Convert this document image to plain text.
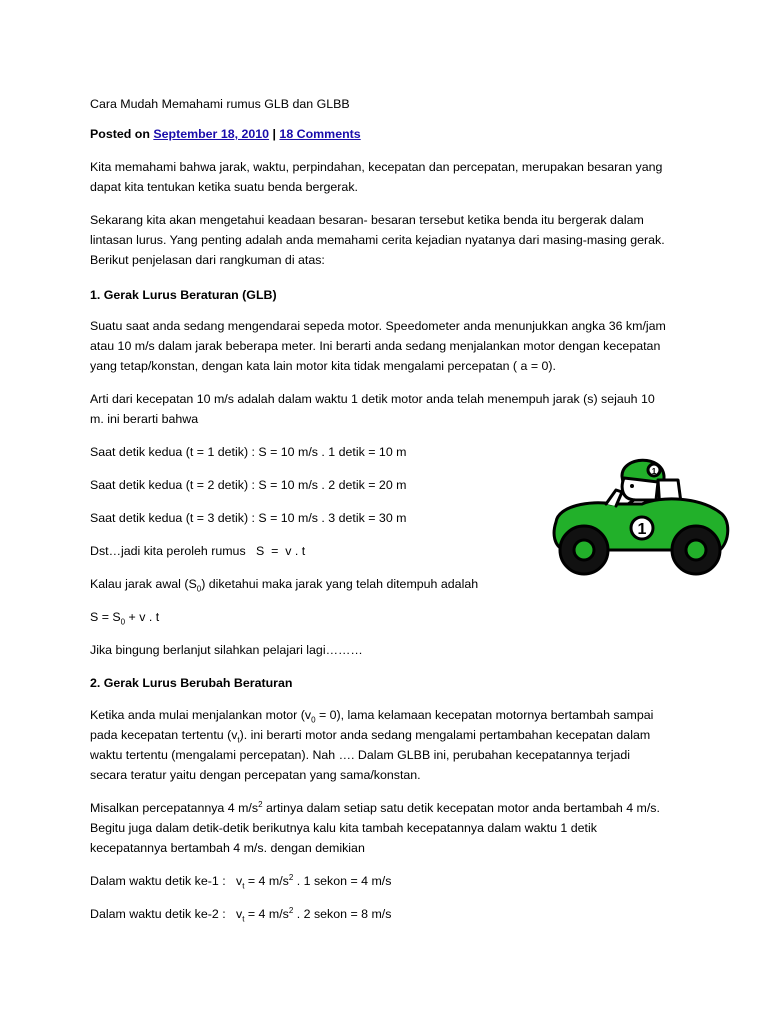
Cara Mudah Memahami rumus GLB dan GLBB
Posted on September 18, 2010 | 18 Comments
Kita memahami bahwa jarak, waktu, perpindahan, kecepatan dan percepatan, merupakan besaran yang
dapat kita tentukan ketika suatu benda bergerak.
Sekarang kita akan mengetahui keadaan besaran- besaran tersebut ketika benda itu bergerak dalam
lintasan lurus. Yang penting adalah anda memahami cerita kejadian nyatanya dari masing-masing gerak.
Berikut penjelasan dari rangkuman di atas:
1. Gerak Lurus Beraturan (GLB)
Suatu saat anda sedang mengendarai sepeda motor. Speedometer anda menunjukkan angka 36 km/jam
atau 10 m/s dalam jarak beberapa meter. Ini berarti anda sedang menjalankan motor dengan kecepatan
yang tetap/konstan, dengan kata lain motor kita tidak mengalami percepatan ( a = 0).
Arti dari kecepatan 10 m/s adalah dalam waktu 1 detik motor anda telah menempuh jarak (s) sejauh 10
m. ini berarti bahwa
Saat detik kedua (t = 1 detik) : S = 10 m/s . 1 detik = 10 m
Saat detik kedua (t = 2 detik) : S = 10 m/s . 2 detik = 20 m
Saat detik kedua (t = 3 detik) : S = 10 m/s . 3 detik = 30 m
Dst…jadi kita peroleh rumus   S  =  v . t
Kalau jarak awal $(S_0)$ diketahui maka jarak yang telah ditempuh adalah
$S = S_0 + v$ . t
Jika bingung berlanjut silahkan pelajari lagi………
2. Gerak Lurus Berubah Beraturan
Ketika anda mulai menjalankan motor $(v_0 = 0)$, lama kelamaan kecepatan motornya bertambah sampai
pada kecepatan tertentu $(v_t)$. ini berarti motor anda sedang mengalami pertambahan kecepatan dalam
waktu tertentu (mengalami percepatan). Nah …. Dalam GLBB ini, perubahan kecepatannya terjadi
secara teratur yaitu dengan percepatan yang sama/konstan.
Misalkan percepatannya 4 $m/s^2$ artinya dalam setiap satu detik kecepatan motor anda bertambah 4 m/s.
Begitu juga dalam detik-detik berikutnya kalu kita tambah kecepatannya dalam waktu 1 detik
kecepatannya bertambah 4 m/s. dengan demikian
Dalam waktu detik ke-1 :   $v_t = 4$ $m/s^2$ . 1 sekon = 4 m/s
Dalam waktu detik ke-2 :   $v_t = 4$ $m/s^2$ . 2 sekon = 8 m/s
1
1
